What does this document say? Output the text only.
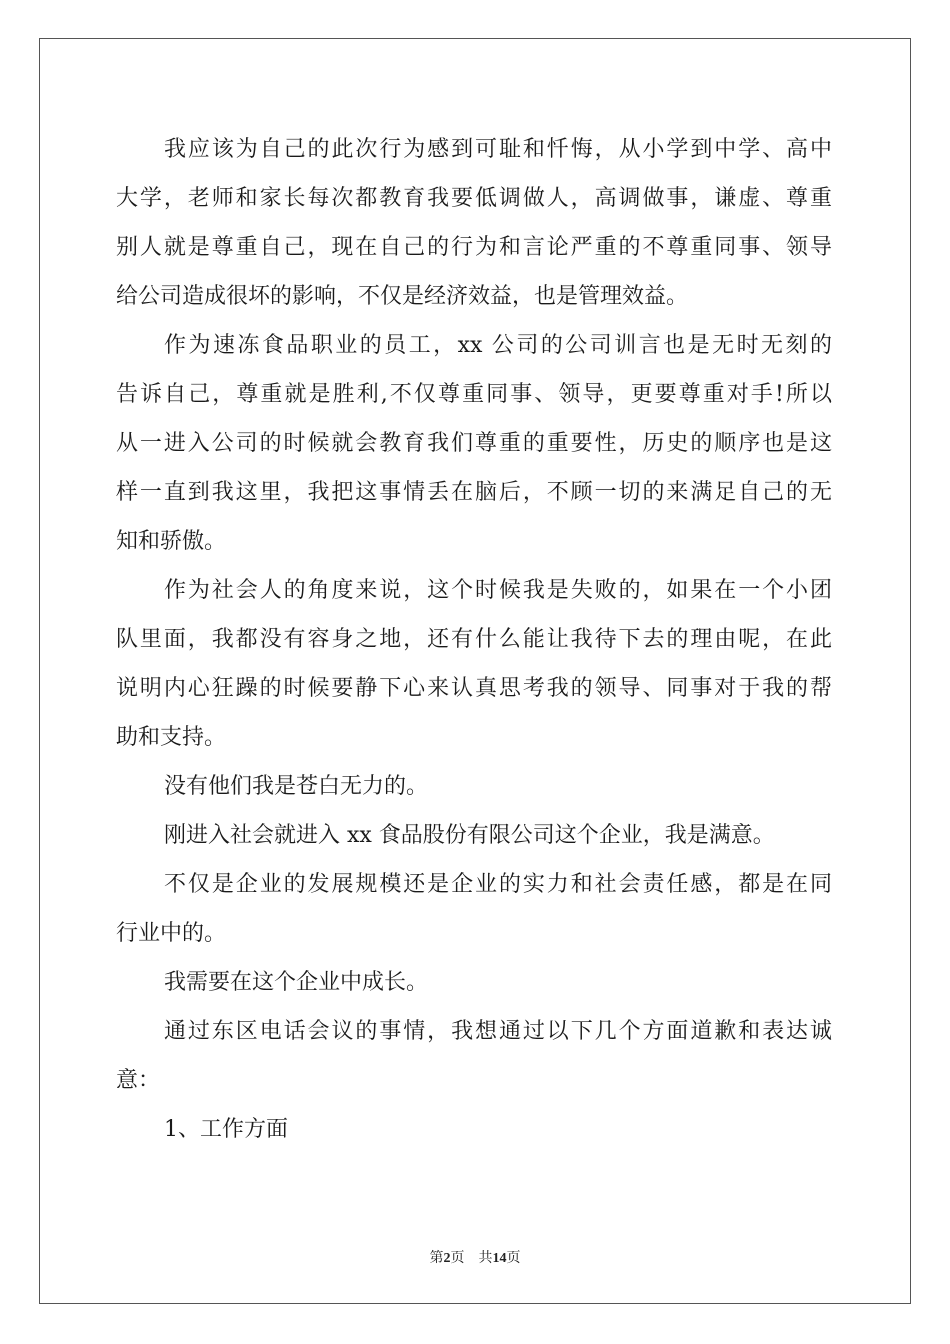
我应该为自己的此次行为感到可耻和忏悔，从小学到中学、高中
大学，老师和家长每次都教育我要低调做人，高调做事，谦虚、尊重
别人就是尊重自己，现在自己的行为和言论严重的不尊重同事、领导
给公司造成很坏的影响，不仅是经济效益，也是管理效益。
作为速冻食品职业的员工，xx 公司的公司训言也是无时无刻的
告诉自己，尊重就是胜利,不仅尊重同事、领导，更要尊重对手!所以
从一进入公司的时候就会教育我们尊重的重要性，历史的顺序也是这
样一直到我这里，我把这事情丢在脑后，不顾一切的来满足自己的无
知和骄傲。
作为社会人的角度来说，这个时候我是失败的，如果在一个小团
队里面，我都没有容身之地，还有什么能让我待下去的理由呢，在此
说明内心狂躁的时候要静下心来认真思考我的领导、同事对于我的帮
助和支持。
没有他们我是苍白无力的。
刚进入社会就进入 xx 食品股份有限公司这个企业，我是满意。
不仅是企业的发展规模还是企业的实力和社会责任感，都是在同
行业中的。
我需要在这个企业中成长。
通过东区电话会议的事情，我想通过以下几个方面道歉和表达诚
意：
1、工作方面
第2页 共14页
